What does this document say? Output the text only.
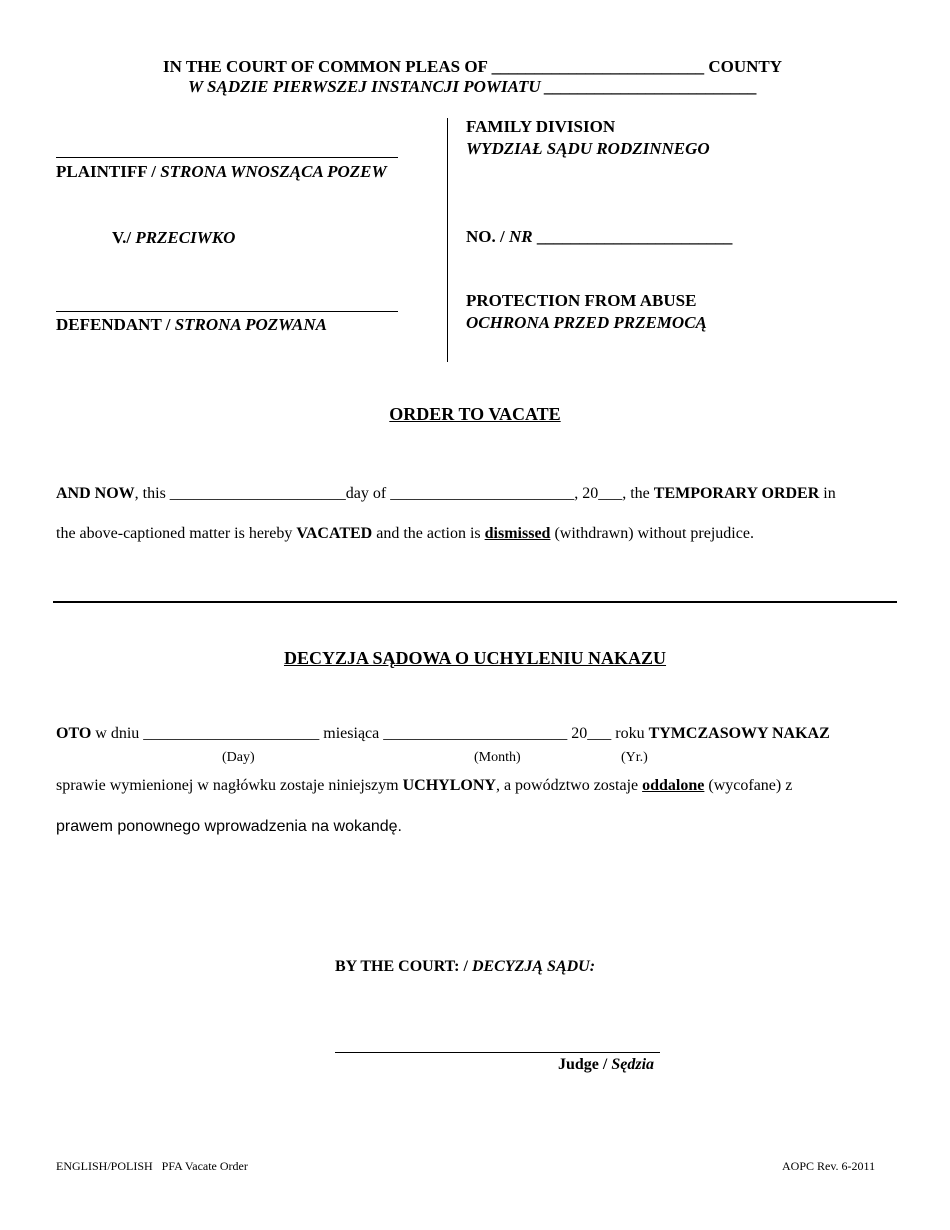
IN THE COURT OF COMMON PLEAS OF _________________________ COUNTY
W SĄDZIE PIERWSZEJ INSTANCJI POWIATU _________________________
PLAINTIFF / STRONA WNOSZĄCA POZEW
V./ PRZECIWKO
DEFENDANT / STRONA POZWANA
FAMILY DIVISION
WYDZIAŁ SĄDU RODZINNEGO
NO. / NR _______________________
PROTECTION FROM ABUSE
OCHRONA PRZED PRZEMOCĄ
ORDER TO VACATE
AND NOW, this ______________________day of _______________________, 20___, the TEMPORARY ORDER in
the above-captioned matter is hereby VACATED and the action is dismissed (withdrawn) without prejudice.
DECYZJA SĄDOWA O UCHYLENIU NAKAZU
OTO w dniu ______________________ miesiąca _______________________ 20___ roku TYMCZASOWY NAKAZ
(Day)	(Month)	(Yr.)
sprawie wymienionej w nagłówku zostaje niniejszym UCHYLONY, a powództwo zostaje oddalone (wycofane) z
prawem ponownego wprowadzenia na wokandę.
BY THE COURT: / DECYZJĄ SĄDU:
Judge / Sędzia
ENGLISH/POLISH   PFA Vacate Order	AOPC Rev. 6-2011
